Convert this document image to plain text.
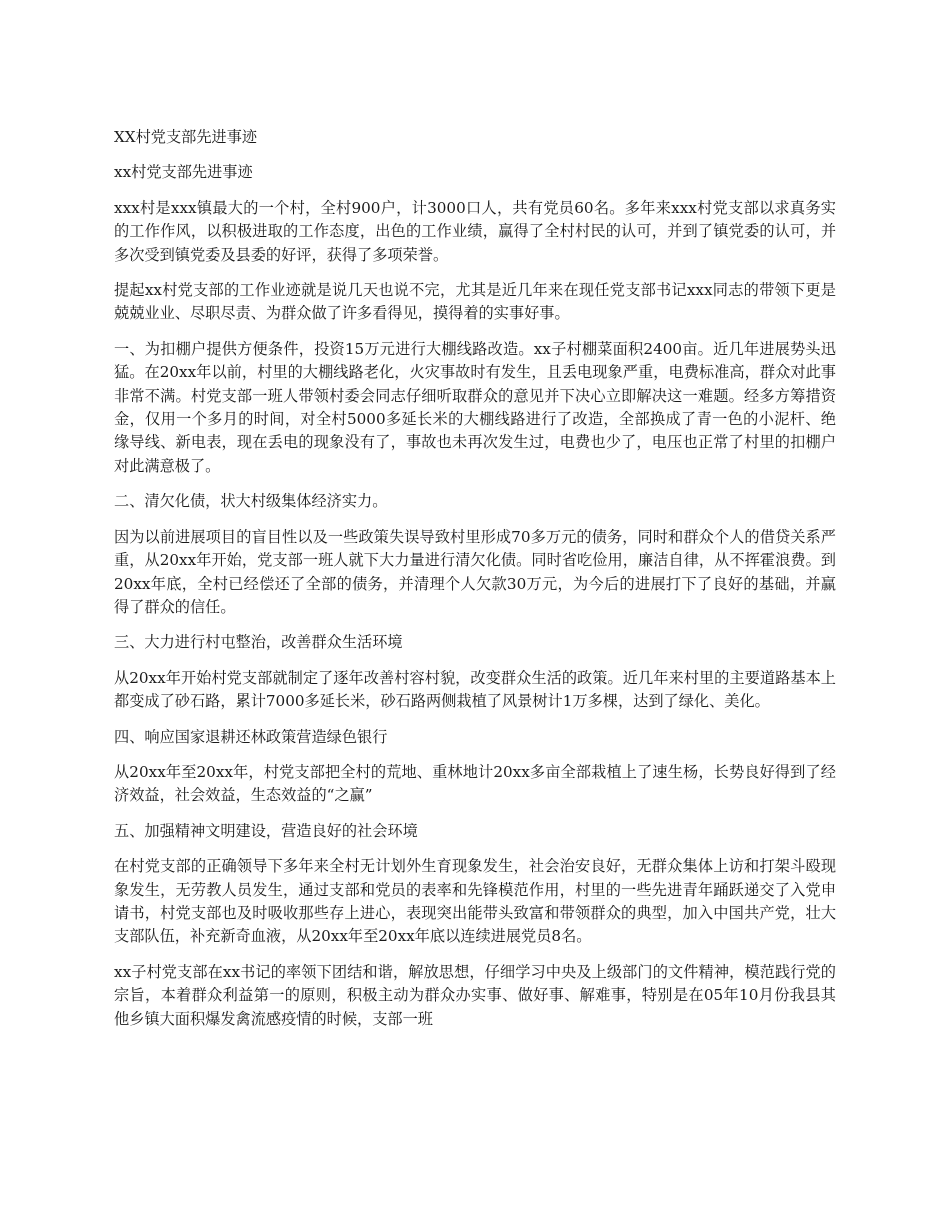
XX村党支部先进事迹

xx村党支部先进事迹

xxx村是xxx镇最大的一个村，全村900户，计3000口人，共有党员60名。多年来xxx村党支部以求真务实的工作作风，以积极进取的工作态度，出色的工作业绩，赢得了全村村民的认可，并到了镇党委的认可，并多次受到镇党委及县委的好评，获得了多项荣誉。

提起xx村党支部的工作业迹就是说几天也说不完，尤其是近几年来在现任党支部书记xxx同志的带领下更是兢兢业业、尽职尽责、为群众做了许多看得见，摸得着的实事好事。

一、为扣棚户提供方便条件，投资15万元进行大棚线路改造。xx子村棚菜面积2400亩。近几年进展势头迅猛。在20xx年以前，村里的大棚线路老化，火灾事故时有发生，且丢电现象严重，电费标准高，群众对此事非常不满。村党支部一班人带领村委会同志仔细听取群众的意见并下决心立即解决这一难题。经多方筹措资金，仅用一个多月的时间，对全村5000多延长米的大棚线路进行了改造，全部换成了青一色的小泥杆、绝缘导线、新电表，现在丢电的现象没有了，事故也未再次发生过，电费也少了，电压也正常了村里的扣棚户对此满意极了。

二、清欠化债，状大村级集体经济实力。

因为以前进展项目的盲目性以及一些政策失误导致村里形成70多万元的债务，同时和群众个人的借贷关系严重，从20xx年开始，党支部一班人就下大力量进行清欠化债。同时省吃俭用，廉洁自律，从不挥霍浪费。到20xx年底，全村已经偿还了全部的债务，并清理个人欠款30万元，为今后的进展打下了良好的基础，并赢得了群众的信任。

三、大力进行村屯整治，改善群众生活环境

从20xx年开始村党支部就制定了逐年改善村容村貌，改变群众生活的政策。近几年来村里的主要道路基本上都变成了砂石路，累计7000多延长米，砂石路两侧栽植了风景树计1万多棵，达到了绿化、美化。

四、响应国家退耕还林政策营造绿色银行

从20xx年至20xx年，村党支部把全村的荒地、重林地计20xx多亩全部栽植上了速生杨，长势良好得到了经济效益，社会效益，生态效益的“之赢”

五、加强精神文明建设，营造良好的社会环境

在村党支部的正确领导下多年来全村无计划外生育现象发生，社会治安良好，无群众集体上访和打架斗殴现象发生，无劳教人员发生，通过支部和党员的表率和先锋模范作用，村里的一些先进青年踊跃递交了入党申请书，村党支部也及时吸收那些存上进心，表现突出能带头致富和带领群众的典型，加入中国共产党，壮大支部队伍，补充新奇血液，从20xx年至20xx年底以连续进展党员8名。

xx子村党支部在xx书记的率领下团结和谐，解放思想，仔细学习中央及上级部门的文件精神，模范践行党的宗旨，本着群众利益第一的原则，积极主动为群众办实事、做好事、解难事，特别是在05年10月份我县其他乡镇大面积爆发禽流感疫情的时候，支部一班
